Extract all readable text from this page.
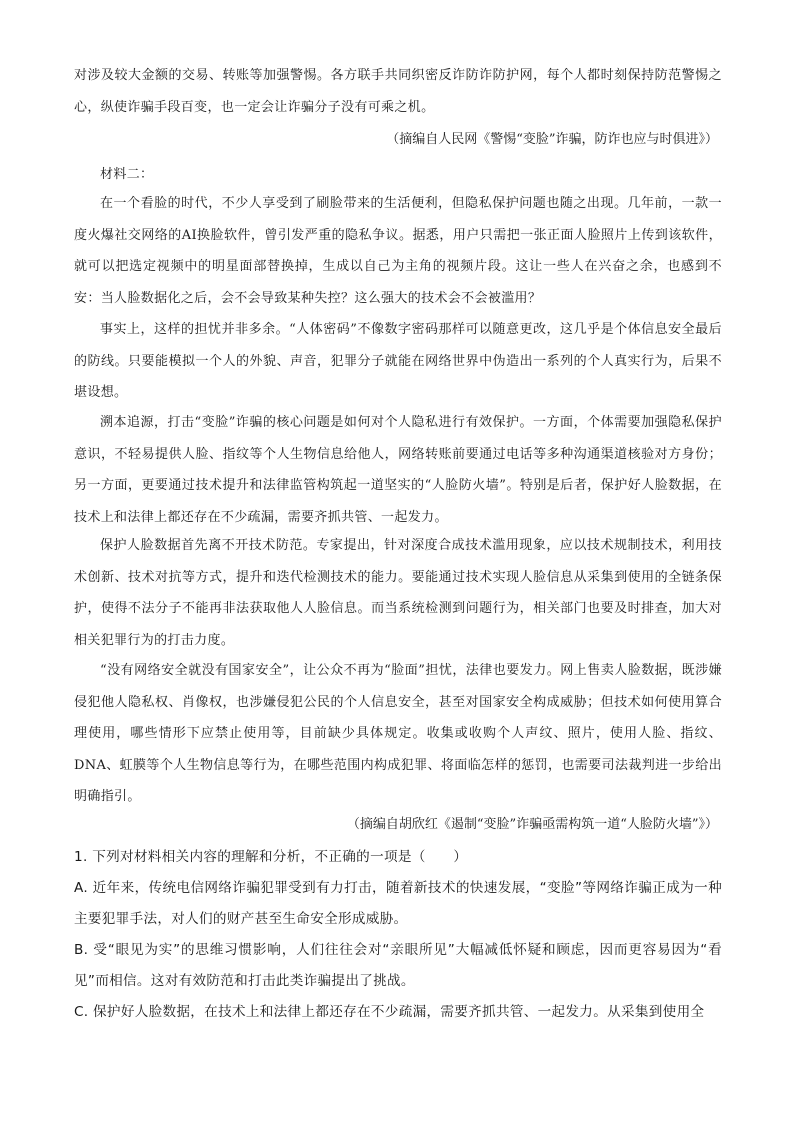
对涉及较大金额的交易、转账等加强警惕。各方联手共同织密反诈防诈防护网，每个人都时刻保持防范警惕之心，纵使诈骗手段百变，也一定会让诈骗分子没有可乘之机。

（摘编自人民网《警惕“变脸”诈骗，防诈也应与时俱进》）

材料二：

在一个看脸的时代，不少人享受到了刷脸带来的生活便利，但隐私保护问题也随之出现。几年前，一款一度火爆社交网络的AI换脸软件，曾引发严重的隐私争议。据悉，用户只需把一张正面人脸照片上传到该软件，就可以把选定视频中的明星面部替换掉，生成以自己为主角的视频片段。这让一些人在兴奋之余，也感到不安：当人脸数据化之后，会不会导致某种失控？这么强大的技术会不会被滥用？

事实上，这样的担忧并非多余。“人体密码”不像数字密码那样可以随意更改，这几乎是个体信息安全最后的防线。只要能模拟一个人的外貌、声音，犯罪分子就能在网络世界中伪造出一系列的个人真实行为，后果不堪设想。

溯本追源，打击“变脸”诈骗的核心问题是如何对个人隐私进行有效保护。一方面，个体需要加强隐私保护意识，不轻易提供人脸、指纹等个人生物信息给他人，网络转账前要通过电话等多种沟通渠道核验对方身份；另一方面，更要通过技术提升和法律监管构筑起一道坚实的“人脸防火墙”。特别是后者，保护好人脸数据，在技术上和法律上都还存在不少疏漏，需要齐抓共管、一起发力。

保护人脸数据首先离不开技术防范。专家提出，针对深度合成技术滥用现象，应以技术规制技术，利用技术创新、技术对抗等方式，提升和迭代检测技术的能力。要能通过技术实现人脸信息从采集到使用的全链条保护，使得不法分子不能再非法获取他人人脸信息。而当系统检测到问题行为，相关部门也要及时排查，加大对相关犯罪行为的打击力度。

“没有网络安全就没有国家安全”，让公众不再为“脸面”担忧，法律也要发力。网上售卖人脸数据，既涉嫌侵犯他人隐私权、肖像权，也涉嫌侵犯公民的个人信息安全，甚至对国家安全构成威胁；但技术如何使用算合理使用，哪些情形下应禁止使用等，目前缺少具体规定。收集或收购个人声纹、照片，使用人脸、指纹、DNA、虹膜等个人生物信息等行为，在哪些范围内构成犯罪、将面临怎样的惩罚，也需要司法裁判进一步给出明确指引。

（摘编自胡欣红《遏制“变脸”诈骗亟需构筑一道“人脸防火墙”》）

1. 下列对材料相关内容的理解和分析，不正确的一项是（　　）

A. 近年来，传统电信网络诈骗犯罪受到有力打击，随着新技术的快速发展，“变脸”等网络诈骗正成为一种主要犯罪手法，对人们的财产甚至生命安全形成威胁。

B. 受“眼见为实”的思维习惯影响，人们往往会对“亲眼所见”大幅减低怀疑和顾虑，因而更容易因为“看见”而相信。这对有效防范和打击此类诈骗提出了挑战。

C. 保护好人脸数据，在技术上和法律上都还存在不少疏漏，需要齐抓共管、一起发力。从采集到使用全
